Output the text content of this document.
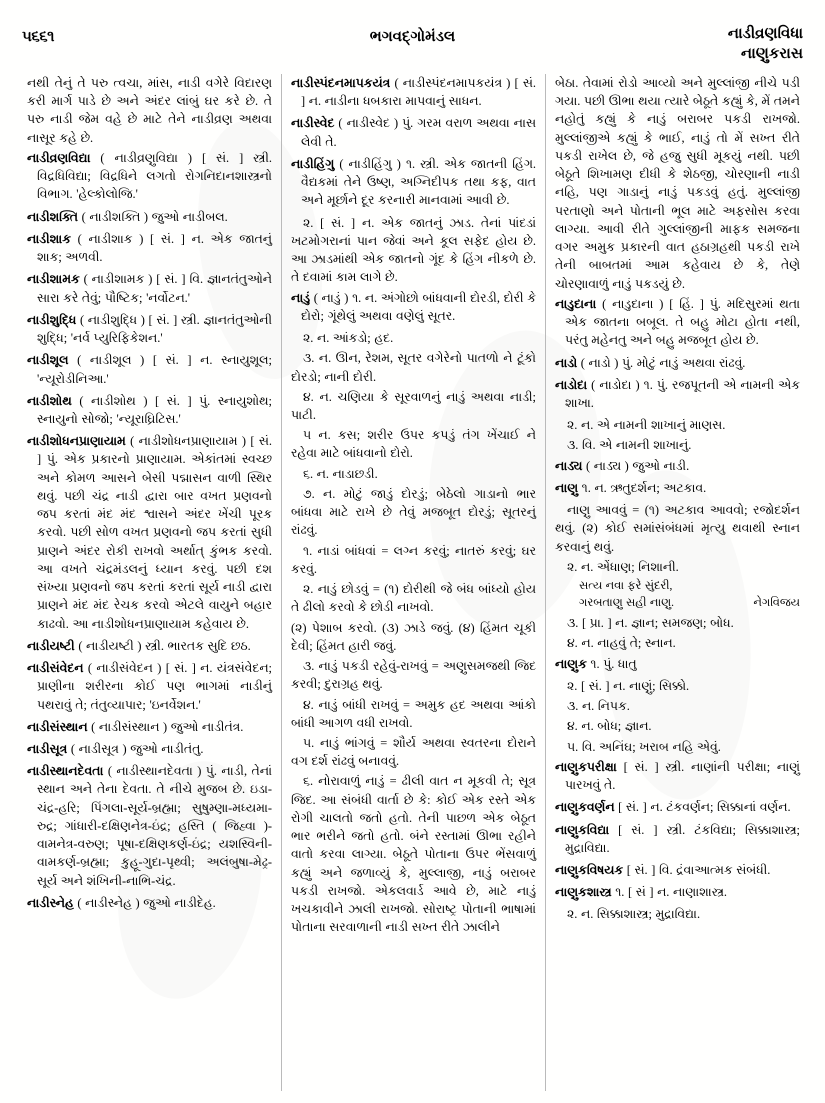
૫૬૬૧	ભગવદ્ગોમંડલ	નાડીવ્રણવિધા
નાણુકરાસ

નથી તેનું તે પરુ ત્વચા, માંસ, નાડી વગેરે વિદારણ કરી માર્ગ પાડે છે અને અંદર લાંબું ઘર કરે છે. તે પરુ નાડી જેમ વહે છે માટે તેને નાડીવ્રણ અથવા નાસૂર કહે છે.

નાડીવ્રણવિદ્યા ( નાડીવ્રણુવિદ્યા ) [ સં. ] સ્ત્રી. વિદ્રધિવિદ્યા; વિદ્રધિને લગતો રોગનિદાનશાસ્ત્રનો વિભાગ. 'હેલ્કોલોજિ.'

નાડીશક્તિ ( નાડીશક્તિ ) જુઓ નાડીબલ.

નાડીશાક ( નાડીશાક ) [ સં. ] ન. એક જાતનું શાક; અળવી.

નાડીશામક ( નાડીશામક ) [ સં. ] વિ. જ્ઞાનતંતુઓને સારા કરે તેવું; પૌષ્ટિક; 'નર્વોટન.'

નાડીશુદ્ધિ ( નાડીશુદ્ધિ ) [ સં. ] સ્ત્રી. જ્ઞાનતંતુઓની શુદ્ધિ; 'નર્વ પ્યુરિફિકેશન.'

નાડીશૂલ ( નાડીશૂલ ) [ સં. ] ન. સ્નાયુશૂલ; 'ન્યૂરોડીનિઆ.'

નાડીશોથ ( નાડીશોથ ) [ સં. ] પું. સ્નાયુશોથ; સ્નાયુનો સોજો; 'ન્યૂરાઘ્રિટિસ.'

નાડીશોધનપ્રાણાયામ ( નાડીશોધનપ્રાણાયામ ) [ સં. ] પું. એક પ્રકારનો પ્રાણાયામ. એકાંતમાં સ્વચ્છ અને કોમળ આસને બેસી પદ્માસન વાળી સ્થિર થવું. પછી ચંદ્ર નાડી દ્વારા બાર વખત પ્રણવનો જપ કરતાં મંદ મંદ શ્વાસને અંદર ખેંચી પૂરક કરવો. પછી સોળ વખત પ્રણવનો જપ કરતાં સુધી પ્રાણને અંદર રોકી રાખવો અર્થાત્ કુંભક કરવો. આ વખતે ચંદ્રમંડલનું ધ્યાન કરવું. પછી દશ સંખ્યા પ્રણવનો જપ કરતાં કરતાં સૂર્ય નાડી દ્વારા પ્રાણને મંદ મંદ રેચક કરવો એટલે વાયુને બહાર કાઢવો. આ નાડીશોધનપ્રાણાયામ કહેવાય છે.

નાડીયષ્ટી ( નાડીયષ્ટી ) સ્ત્રી. ભારતક સુદિ છઠ.

નાડીસંવેદન ( નાડીસંવેદન ) [ સં. ] ન. યંત્રસંવેદન; પ્રાણીના શરીરના કોઈ પણ ભાગમાં નાડીનું પથરાવું તે; તંતુવ્યાપાર; 'ઇનર્વેશન.'

નાડીસંસ્થાન ( નાડીસંસ્થાન ) જુઓ નાડીતંત્ર.

નાડીસૂત્ર ( નાડીસૂત્ર ) જુઓ નાડીતંતુ.

નાડીસ્થાનદેવતા ( નાડીસ્થાનદેવતા ) પું. નાડી, તેનાં સ્થાન અને તેના દેવતા. તે નીચે મુજબ છે. ઇડા-ચંદ્ર-હરિ; પિંગલા-સૂર્ય-બ્રહ્મા; સુષુમ્ણા-મધ્યમા-રુદ્ર; ગાંધારી-દક્ષિણનેત્ર-ઇંદ્ર; હસ્તિ ( જિહ્વા )-વામનેત્ર-વરુણ; પૂષા-દક્ષિણકર્ણ-ઇંદ્ર; યશસ્વિની-વામકર્ણ-બ્રહ્મા; કુહૂ-ગુદા-પૃથ્વી; અલંબુષા-મેઢ્ર-સૂર્ય અને શંખિની-નાભિ-ચંદ્ર.

નાડીસ્નેહ ( નાડીસ્નેહ ) જુઓ નાડીદેહ.

નાડીસ્પંદનમાપકયંત્ર ( નાડીસ્પંદનમાપકયંત્ર ) [ સં. ] ન. નાડીના ધબકારા માપવાનું સાધન.

નાડીસ્વેદ ( નાડીસ્વેદ ) પું. ગરમ વરાળ અથવા નાસ લેવી તે.

નાડીહિંગુ ( નાડીહિંગુ ) ૧. સ્ત્રી. એક જાતની હિંગ. વૈદ્યકમાં તેને ઉષ્ણ, અગ્નિદીપક તથા કફ, વાત અને મૂર્છાને દૂર કરનારી માનવામાં આવી છે.

૨. [ સં. ] ન. એક જાતનું ઝાડ. તેનાં પાંદડાં ખટમોગરાનાં પાન જેવાં અને કૂલ સફેદ હોય છે. આ ઝાડમાંથી એક જાતનો ગૂંદ કે હિંગ નીકળે છે. તે દવામાં કામ લાગે છે.

નાડું ( નાડું ) ૧. ન. અંગોછો બાંધવાની દોરડી, દોરી કે દોરો; ગૂંથેલું અથવા વણેલું સૂતર.

૨. ન. આંકડો; હદ.

૩. ન. ઊન, રેશમ, સૂતર વગેરેનો પાતળો ને ટૂંકો દોરડો; નાની દોરી.

૪. ન. ચણિયા કે સૂરવાળનું નાડું અથવા નાડી; પાટી.

૫ ન. કસ; શરીર ઉપર કપડું તંગ ખેંચાઈ ને રહેવા માટે બાંધવાનો દોરો.

૬. ન. નાડાછડી.

૭. ન. મોટું જાડું દોરડું; બેઠેલો ગાડાનો ભાર બાંધવા માટે રાખે છે તેવું મજબૂત દોરડું; સૂતરનું રાંઢવું.

૧. નાડાં બાંધવાં = લગ્ન કરવું; નાતરું કરવું; ઘર કરવું.

૨. નાડું છોડવું = (૧) દોરીથી જે બંધ બાંધ્યો હોય તે ઢીલો કરવો કે છોડી નાખવો.

(૨) પેશાબ કરવો. (૩) ઝાડે જવું. (૪) હિંમત ચૂકી દેવી; હિંમત હારી જવું.

૩. નાડું પકડી રહેવું-રાખવું = અણુસમજથી જિદ કરવી; દુરાગ્રહ થવું.

૪. નાડું બાંધી રાખવું = અમુક હદ અથવા આંકો બાંધી આગળ વધી રાખવો.

૫. નાડું ભાંગવું = શૌર્ય અથવા સ્વતરના દોરાને વગ દર્શ રાંઢવું બનાવવું.

૬. નોરાવાળું નાડું = ઢીલી વાત ન મૂકવી તે; સૂત્ર જિદ. આ સંબંધી વાર્તા છે કે: કોઈ એક રસ્તે એક રોગી ચાલતો જતો હતો. તેની પાછળ એક બેઠૂત ભાર ભરીને જતો હતો. બંને રસ્તામાં ઊભા રહીને વાતો કરવા લાગ્યા. બેઠૂતે પોતાના ઉપર ભેંસવાળું કહ્યું અને જળાવ્યું કે, મુલ્લાજી, નાડું બરાબર પકડી રાખજો. એકલવાર્ડ આવે છે, માટે નાડું ખચકાવીને ઝાલી રાખજો. સોરાષ્ટ્ર પોતાની ભાષામાં પોતાના સરવાળાની નાડી સખ્ત રીતે ઝાલીને

બેઠા. તેવામાં રોડો આવ્યો અને મુલ્લાંજી નીચે પડી ગયા. પછી ઊભા થયા ત્યારે બેઠૂતે કહ્યું કે, મેં તમને નહોતું કહ્યું કે નાડું બરાબર પકડી રાખજો. મુલ્લાંજીએ કહ્યું કે ભાઈ, નાડું તો મેં સખ્ત રીતે પકડી રાખેલ છે, જે હજુ સુધી મૂકયું નથી. પછી બેઠૂતે શિખામણ દીધી કે શેઠજી, ચોરણાની નાડી નહિ, પણ ગાડાનું નાડું પકડવું હતું. મુલ્લાંજી પરતાણો અને પોતાની ભૂલ માટે અફસોસ કરવા લાગ્યા. આવી રીતે ગુલ્લાંજીની માફક સમજના વગર અમુક પ્રકારની વાત હઠાગ્રહથી પકડી રાખે તેની બાબતમાં આમ કહેવાય છે કે, તેણે ચોરણાવાળું નાડું પકડયું છે.

નાડુદાના ( નાડુદાના ) [ હિં. ] પું. મદિસુરમાં થતા એક જાતના બબૂલ. તે બહુ મોટા હોતા નથી, પરંતુ મહેનતુ અને બહુ મજબૂત હોય છે.

નાડો ( નાડો ) પું. મોટું નાડું અથવા રાંઢવું.

નાડોદા ( નાડોદા ) ૧. પું. રજપૂતની એ નામની એક શાખા.

૨. ન. એ નામની શાખાનું માણસ.

૩. વિ. એ નામની શાખાનું.

નાડ્ય ( નાડ્ય ) જુઓ નાડી.

નાણુ ૧. ન. ઋતુદર્શન; અટકાવ.

નાણુ આવવું = (૧) અટકાવ આવવો; રજોદર્શન થવું. (૨) કોઈ સમાંસંબંધમાં મૃત્યુ થવાથી સ્નાન કરવાનું થવું.

૨. ન. એંધાણ; નિશાની.

સત્ય નવા ફરે સુંદરી,

ગરબતાણુ સહી નાણુ.	નેગવિજય

૩. [ પ્રા. ] ન. જ્ઞાન; સમજણ; બોધ.

૪. ન. નાહવું તે; સ્નાન.

નાણુક ૧. પું. ધાતુ

૨. [ સં. ] ન. નાણું; સિક્કો.

૩. ન. નિપક.

૪. ન. બોધ; જ્ઞાન.

૫. વિ. અનિંઘ; ખરાબ નહિ એવું.

નાણુકપરીક્ષા [ સં. ] સ્ત્રી. નાણાંની પરીક્ષા; નાણું પારખવું તે.

નાણુકવર્ણન [ સં. ] ન. ટંકવર્ણન; સિક્કાનાં વર્ણન.

નાણુકવિદ્યા [ સં. ] સ્ત્રી. ટંકવિદ્યા; સિક્કાશાસ્ત્ર; મુદ્રાવિદ્યા.

નાણુકવિષયક [ સં. ] વિ. દ્રંવાઆત્મક સંબંધી.

નાણુકશાસ્ત્ર ૧. [ સં ] ન. નાણાશાસ્ત્ર.

૨. ન. સિક્કાશાસ્ત્ર; મુદ્રાવિદ્યા.
